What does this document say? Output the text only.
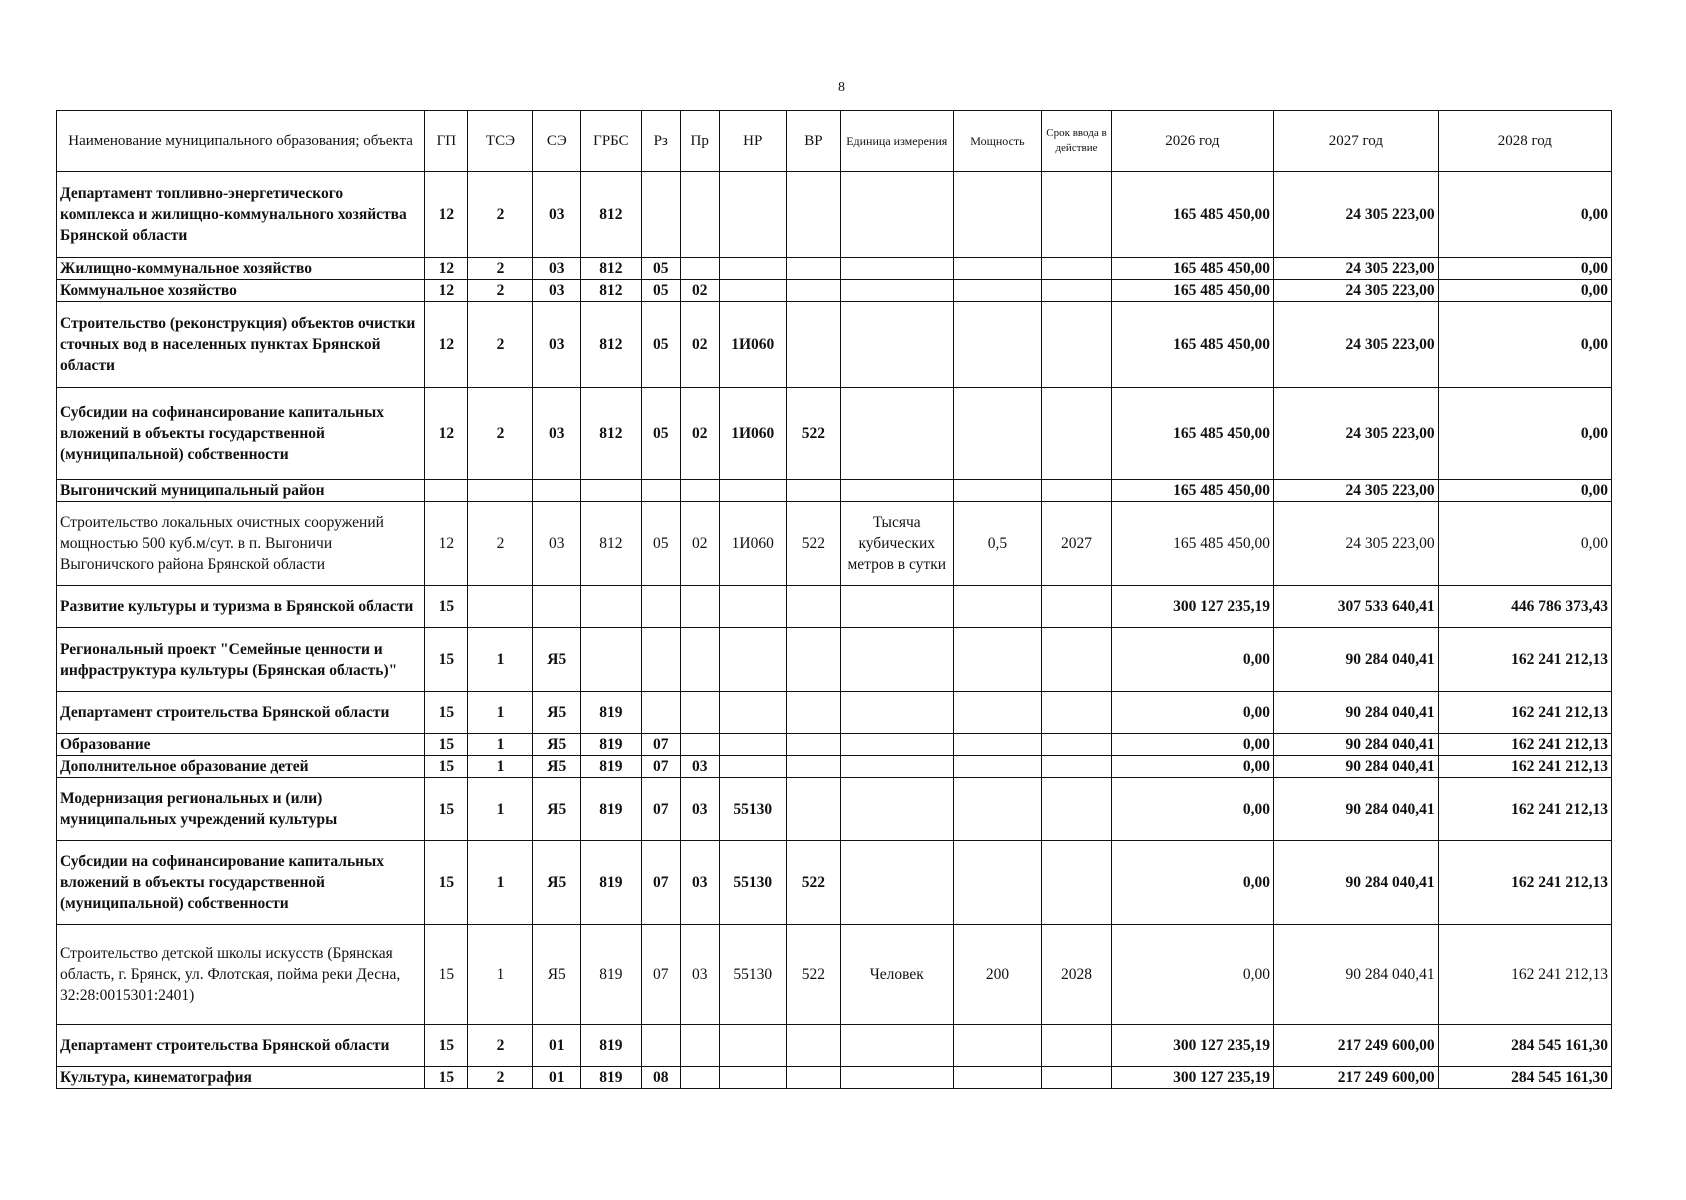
8
Наименование муниципального образования; объекта	ГП	ТСЭ	СЭ	ГРБС	Рз	Пр	НР	ВР	Единица измерения	Мощность	Срок ввода в действие	2026 год	2027 год	2028 год
Департамент топливно-энергетического комплекса и жилищно-коммунального хозяйства Брянской области	12	2	03	812								165 485 450,00	24 305 223,00	0,00
Жилищно-коммунальное хозяйство	12	2	03	812	05							165 485 450,00	24 305 223,00	0,00
Коммунальное хозяйство	12	2	03	812	05	02						165 485 450,00	24 305 223,00	0,00
Строительство (реконструкция) объектов очистки сточных вод в населенных пунктах Брянской области	12	2	03	812	05	02	1И060					165 485 450,00	24 305 223,00	0,00
Субсидии на софинансирование капитальных вложений в объекты государственной (муниципальной) собственности	12	2	03	812	05	02	1И060	522				165 485 450,00	24 305 223,00	0,00
Выгоничский муниципальный район												165 485 450,00	24 305 223,00	0,00
Строительство локальных очистных сооружений мощностью 500 куб.м/сут. в п. Выгоничи Выгоничского района Брянской области	12	2	03	812	05	02	1И060	522	Тысяча кубических метров в сутки	0,5	2027	165 485 450,00	24 305 223,00	0,00
Развитие культуры и туризма в Брянской области	15											300 127 235,19	307 533 640,41	446 786 373,43
Региональный проект "Семейные ценности и инфраструктура культуры (Брянская область)"	15	1	Я5									0,00	90 284 040,41	162 241 212,13
Департамент строительства Брянской области	15	1	Я5	819								0,00	90 284 040,41	162 241 212,13
Образование	15	1	Я5	819	07							0,00	90 284 040,41	162 241 212,13
Дополнительное образование детей	15	1	Я5	819	07	03						0,00	90 284 040,41	162 241 212,13
Модернизация региональных и (или) муниципальных учреждений культуры	15	1	Я5	819	07	03	55130					0,00	90 284 040,41	162 241 212,13
Субсидии на софинансирование капитальных вложений в объекты государственной (муниципальной) собственности	15	1	Я5	819	07	03	55130	522				0,00	90 284 040,41	162 241 212,13
Строительство детской школы искусств (Брянская область, г. Брянск, ул. Флотская, пойма реки Десна, 32:28:0015301:2401)	15	1	Я5	819	07	03	55130	522	Человек	200	2028	0,00	90 284 040,41	162 241 212,13
Департамент строительства Брянской области	15	2	01	819								300 127 235,19	217 249 600,00	284 545 161,30
Культура, кинематография	15	2	01	819	08							300 127 235,19	217 249 600,00	284 545 161,30
